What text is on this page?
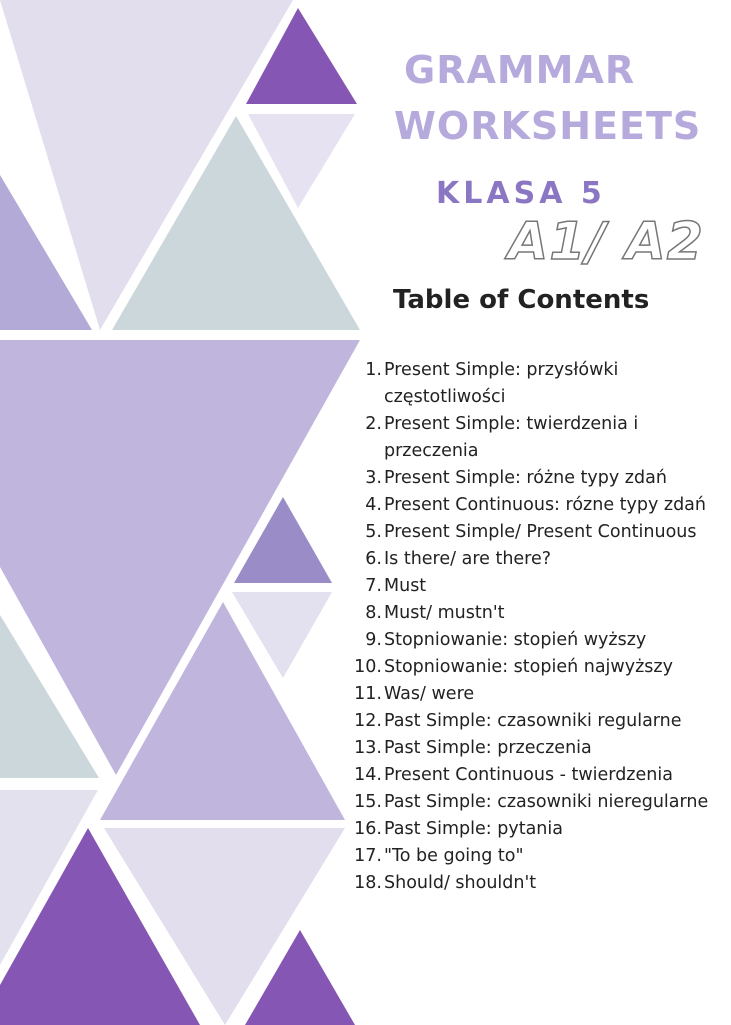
GRAMMAR
WORKSHEETS
KLASA 5
A1/ A2
Table of Contents
1. Present Simple: przysłówki częstotliwości
2. Present Simple: twierdzenia i przeczenia
3. Present Simple: różne typy zdań
4. Present Continuous: rózne typy zdań
5. Present Simple/ Present Continuous
6. Is there/ are there?
7. Must
8. Must/ mustn't
9. Stopniowanie: stopień wyższy
10. Stopniowanie: stopień najwyższy
11. Was/ were
12. Past Simple: czasowniki regularne
13. Past Simple: przeczenia
14. Present Continuous - twierdzenia
15. Past Simple: czasowniki nieregularne
16. Past Simple: pytania
17. "To be going to"
18. Should/ shouldn't
